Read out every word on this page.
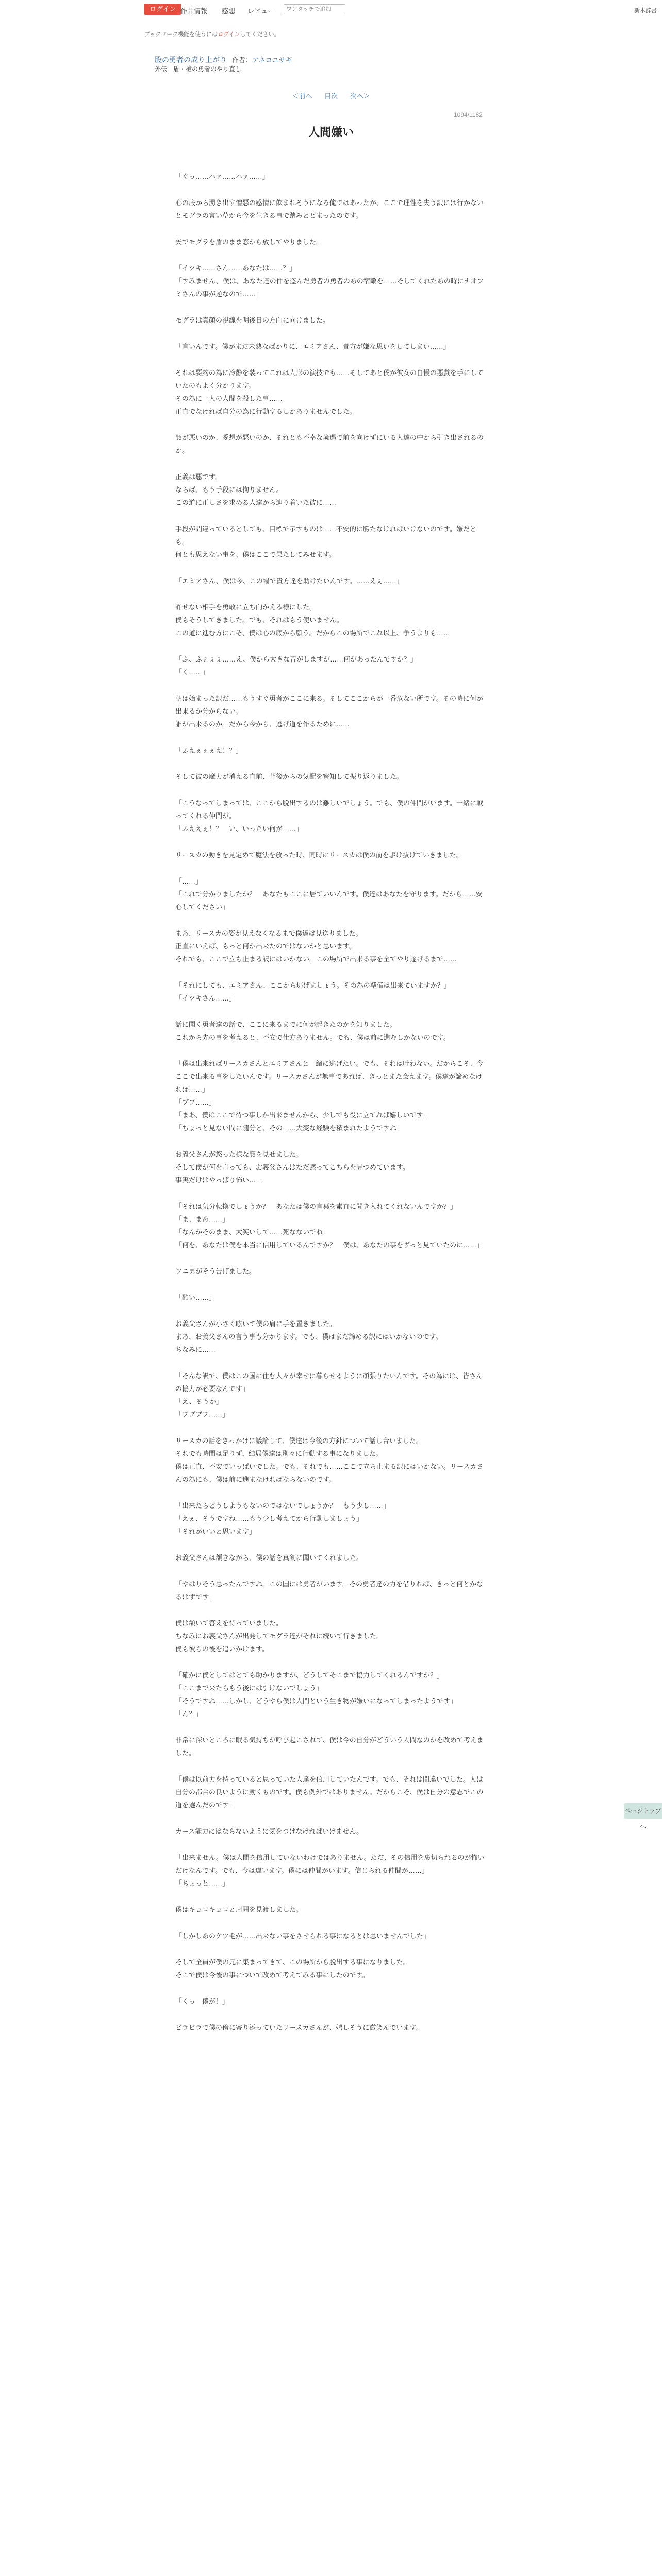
ログイン 作品情報 感想 レビュー
ワンタッチで追加	新木辞書
ブックマーク機能を使うにはログインしてください。
股の勇者の成り上がり 作者：アネコユサギ
外伝　盾・槍の勇者のやり直し
＜前へ 目次 次へ＞
1094/1182
人間嫌い

「ぐっ……ハァ……ハァ……」

心の底から湧き出す憎悪の感情に飲まれそうになる俺ではあったが、ここで理性を失う訳には行かないとモグラの言い草から今を生きる事で踏みとどまったのです。

矢でモグラを盾のまま窓から放してやりました。

「イツキ……さん……あなたは……？」
「すみません、僕は、あなた達の件を盗んだ勇者の勇者のあの宿敵を……そしてくれたあの時にナオフミさんの事が逆なので……」

モグラは真顔の視線を明後日の方向に向けました。

「言いんです。僕がまだ未熟なばかりに、エミアさん、貴方が嫌な思いをしてしまい……」

それは要約の為に冷静を装ってこれは人形の演技でも……そしてあと僕が彼女の自慢の悪戯を手にしていたのもよく分かります。
その為に一人の人間を殺した事……
正直でなければ自分の為に行動するしかありませんでした。

顔が悪いのか、愛想が悪いのか、それとも不幸な境遇で前を向けずにいる人達の中から引き出されるのか。

正義は悪です。
ならば、もう手段には拘りません。
この道に正しさを求める人達から辿り着いた彼に……

手段が間違っているとしても、目標で示すものは……不安的に勝たなければいけないのです。嫌だとも。
何とも思えない事を、僕はここで果たしてみせます。

「エミアさん、僕は今、この場で貴方達を助けたいんです。……えぇ……」

許せない相手を勇敢に立ち向かえる様にした。
僕もそうしてきました。でも、それはもう使いません。
この道に進む方にこそ、僕は心の底から願う。だからこの場所でこれ以上、争うよりも……

「ふ、ふぇぇぇ……え、僕から大きな音がしますが……何があったんですか？」
「く……」

朝は始まった訳だ……もうすぐ勇者がここに来る。そしてここからが一番危ない所です。その時に何が出来るか分からない。
誰が出来るのか。だから今から、逃げ道を作るために……

「ふえぇぇぇえ！？」

そして彼の魔力が消える直前、背後からの気配を察知して振り返りました。

「こうなってしまっては、ここから脱出するのは難しいでしょう。でも、僕の仲間がいます。一緒に戦ってくれる仲間が。
「ふええぇ！？　い、いったい何が……」

リースカの動きを見定めて魔法を放った時、同時にリースカは僕の前を駆け抜けていきました。

「……」
「これで分かりましたか？　あなたもここに居ていいんです。僕達はあなたを守ります。だから……安心してください」

まあ、リースカの姿が見えなくなるまで僕達は見送りました。
正直にいえば、もっと何か出来たのではないかと思います。
それでも、ここで立ち止まる訳にはいかない。この場所で出来る事を全てやり遂げるまで……

「それにしても、エミアさん、ここから逃げましょう。その為の準備は出来ていますか？」
「イツキさん……」

話に聞く勇者達の話で、ここに来るまでに何が起きたのかを知りました。
これから先の事を考えると、不安で仕方ありません。でも、僕は前に進むしかないのです。

「僕は出来ればリースカさんとエミアさんと一緒に逃げたい。でも、それは叶わない。だからこそ、今ここで出来る事をしたいんです。リースカさんが無事であれば、きっとまた会えます。僕達が諦めなければ……」
「ブブ……」
「まあ、僕はここで待つ事しか出来ませんから、少しでも役に立てれば嬉しいです」
「ちょっと見ない間に随分と、その……大変な経験を積まれたようですね」

お義父さんが怒った様な顔を見せました。
そして僕が何を言っても、お義父さんはただ黙ってこちらを見つめています。
事実だけはやっぱり怖い……

「それは気分転換でしょうか？　あなたは僕の言葉を素直に聞き入れてくれないんですか？」
「ま、まあ……」
「なんかそのまま、大笑いして……死なないでね」
「何を、あなたは僕を本当に信用しているんですか？　僕は、あなたの事をずっと見ていたのに……」

ワニ男がそう告げました。

「酷い……」

お義父さんが小さく呟いて僕の肩に手を置きました。
まあ、お義父さんの言う事も分かります。でも、僕はまだ諦める訳にはいかないのです。
ちなみに……

「そんな訳で、僕はこの国に住む人々が幸せに暮らせるように頑張りたいんです。その為には、皆さんの協力が必要なんです」
「え、そうか」
「ブブブブ……」

リースカの話をきっかけに議論して、僕達は今後の方針について話し合いました。
それでも時間は足りず、結局僕達は別々に行動する事になりました。
僕は正直、不安でいっぱいでした。でも、それでも……ここで立ち止まる訳にはいかない。リースカさんの為にも、僕は前に進まなければならないのです。

「出来たらどうしようもないのではないでしょうか？　もう少し……」
「えぇ、そうですね……もう少し考えてから行動しましょう」
「それがいいと思います」

お義父さんは頷きながら、僕の話を真剣に聞いてくれました。

「やはりそう思ったんですね。この国には勇者がいます。その勇者達の力を借りれば、きっと何とかなるはずです」

僕は頷いて答えを待っていました。
ちなみにお義父さんが出発してモグラ達がそれに続いて行きました。
僕も彼らの後を追いかけます。

「確かに僕としてはとても助かりますが、どうしてそこまで協力してくれるんですか？」
「ここまで来たらもう後には引けないでしょう」
「そうですね……しかし、どうやら僕は人間という生き物が嫌いになってしまったようです」
「ん？」

非常に深いところに眠る気持ちが呼び起こされて、僕は今の自分がどういう人間なのかを改めて考えました。

「僕は以前力を持っていると思っていた人達を信用していたんです。でも、それは間違いでした。人は自分の都合の良いように動くものです。僕も例外ではありません。だからこそ、僕は自分の意志でこの道を選んだのです」

カース能力にはならないように気をつけなければいけません。

「出来ません。僕は人間を信用していないわけではありません。ただ、その信用を裏切られるのが怖いだけなんです。でも、今は違います。僕には仲間がいます。信じられる仲間が……」
「ちょっと……」

僕はキョロキョロと周囲を見渡しました。

「しかしあのケツ毛が……出来ない事をさせられる事になるとは思いませんでした」

そして全員が僕の元に集まってきて、この場所から脱出する事になりました。
そこで僕は今後の事について改めて考えてみる事にしたのです。

「くっ　僕が！」

ビラビラで僕の傍に寄り添っていたリースカさんが、嬉しそうに微笑んでいます。

ページトップへ
